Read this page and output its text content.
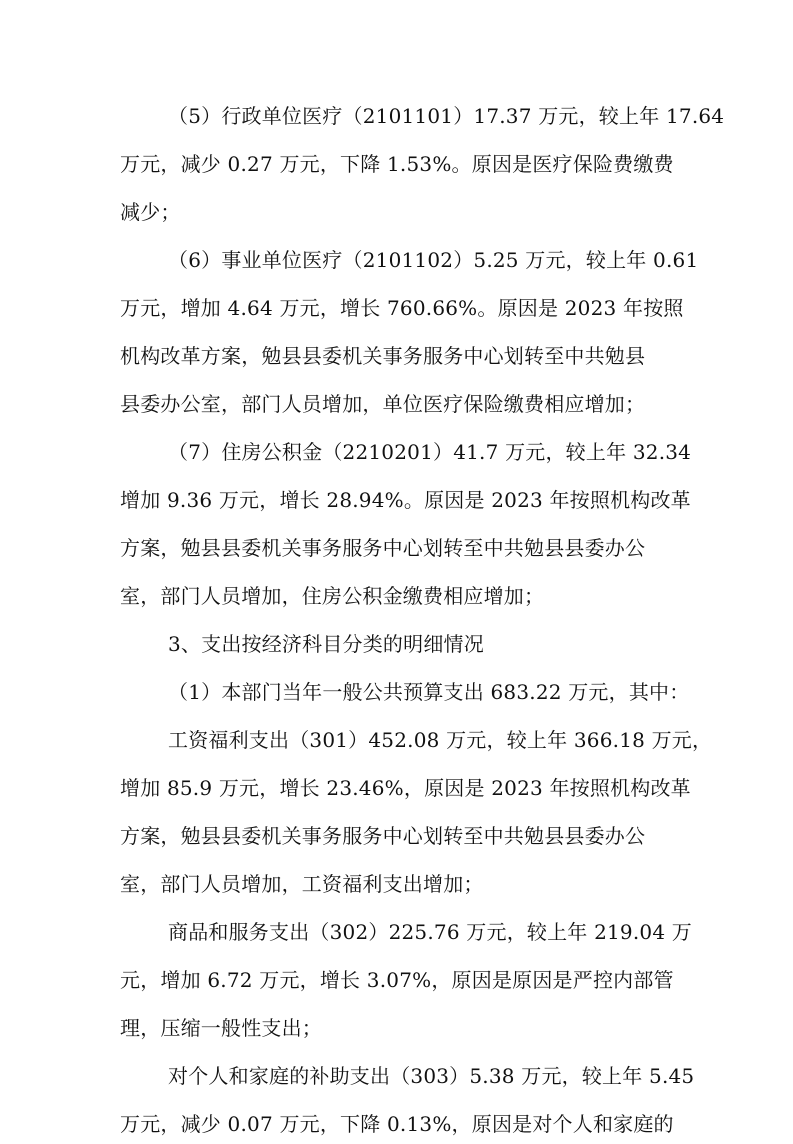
（5）行政单位医疗（2101101）17.37 万元，较上年 17.64
万元，减少 0.27 万元，下降 1.53%。原因是医疗保险费缴费
减少；
（6）事业单位医疗（2101102）5.25 万元，较上年 0.61
万元，增加 4.64 万元，增长 760.66%。原因是 2023 年按照
机构改革方案，勉县县委机关事务服务中心划转至中共勉县
县委办公室，部门人员增加，单位医疗保险缴费相应增加；
（7）住房公积金（2210201）41.7 万元，较上年 32.34
增加 9.36 万元，增长 28.94%。原因是 2023 年按照机构改革
方案，勉县县委机关事务服务中心划转至中共勉县县委办公
室，部门人员增加，住房公积金缴费相应增加；
3、支出按经济科目分类的明细情况
（1）本部门当年一般公共预算支出 683.22 万元，其中：
工资福利支出（301）452.08 万元，较上年 366.18 万元，
增加 85.9 万元，增长 23.46%，原因是 2023 年按照机构改革
方案，勉县县委机关事务服务中心划转至中共勉县县委办公
室，部门人员增加，工资福利支出增加；
商品和服务支出（302）225.76 万元，较上年 219.04 万
元，增加 6.72 万元，增长 3.07%，原因是原因是严控内部管
理，压缩一般性支出；
对个人和家庭的补助支出（303）5.38 万元，较上年 5.45
万元，减少 0.07 万元，下降 0.13%，原因是对个人和家庭的
